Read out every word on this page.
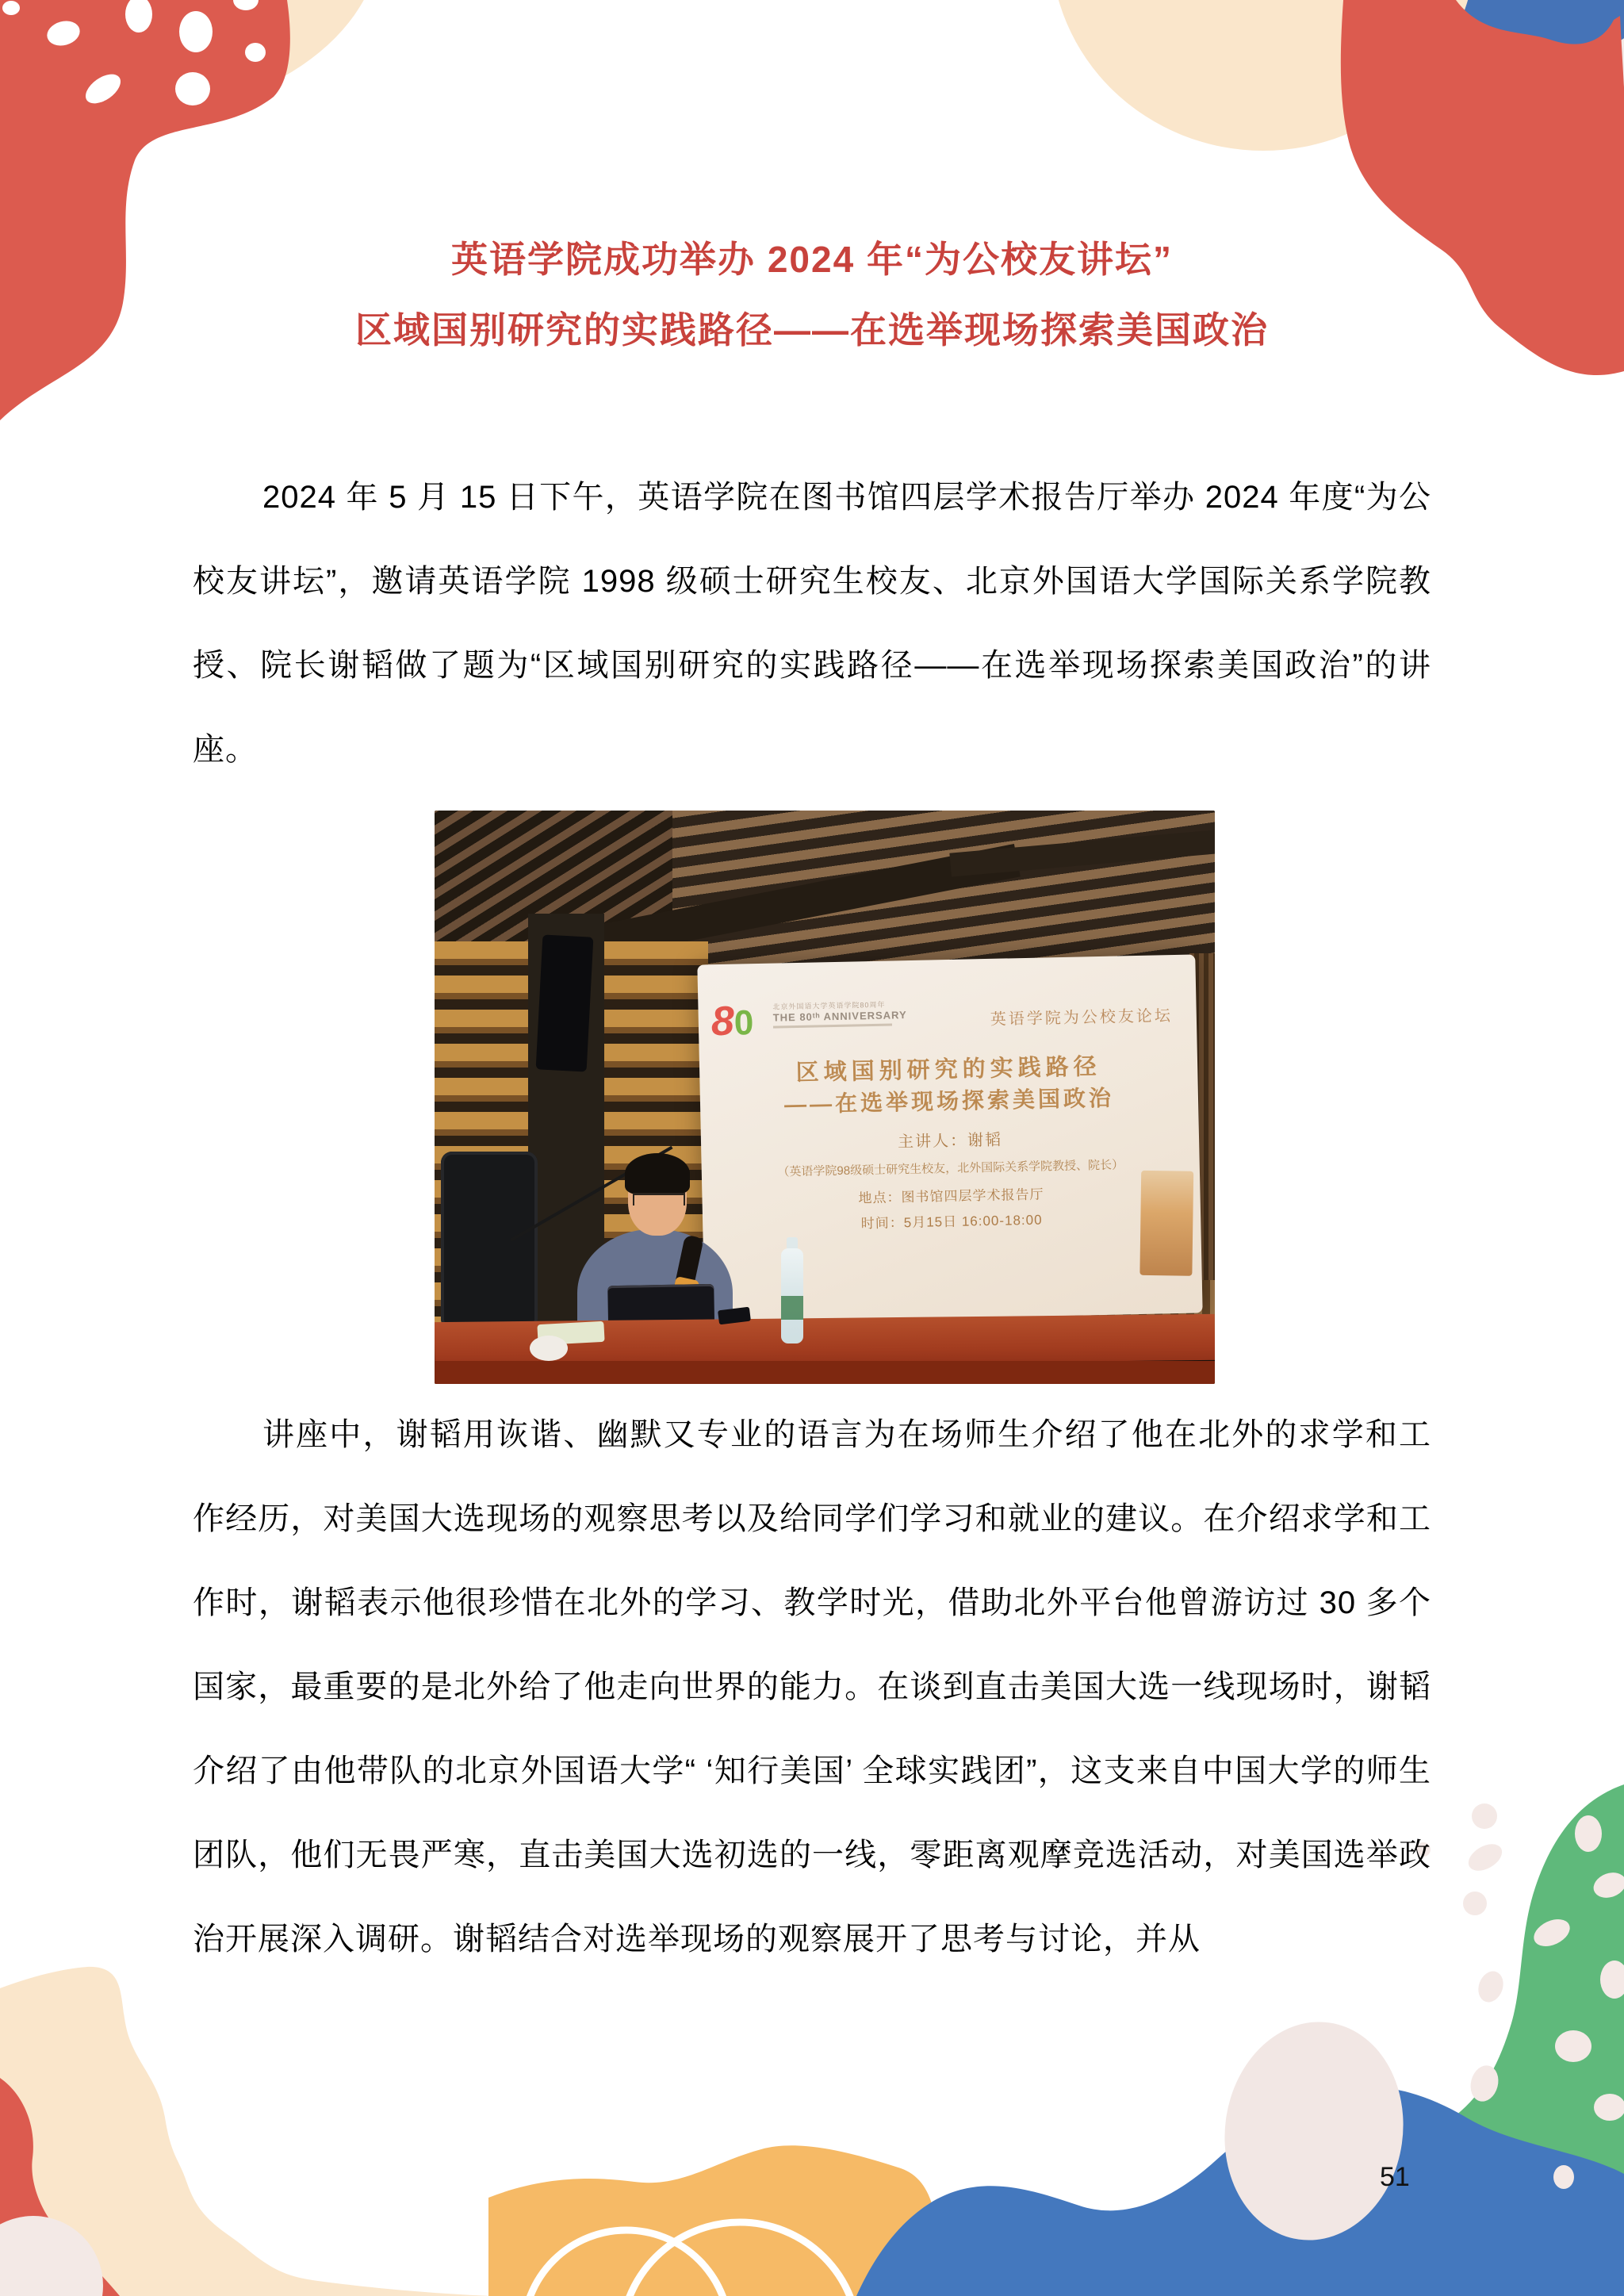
英语学院成功举办 2024 年“为公校友讲坛”
区域国别研究的实践路径——在选举现场探索美国政治
2024 年 5 月 15 日下午，英语学院在图书馆四层学术报告厅举办 2024 年度“为公校友讲坛”，邀请英语学院 1998 级硕士研究生校友、北京外国语大学国际关系学院教授、院长谢韬做了题为“区域国别研究的实践路径——在选举现场探索美国政治”的讲座。
80	北京外国语大学英语学院80周年
THE 80ᵗʰ ANNIVERSARY	英语学院为公校友论坛
区域国别研究的实践路径
——在选举现场探索美国政治
主讲人：谢韬
（英语学院98级硕士研究生校友，北外国际关系学院教授、院长）
地点：图书馆四层学术报告厅
时间：5月15日 16:00-18:00
讲座中，谢韬用诙谐、幽默又专业的语言为在场师生介绍了他在北外的求学和工作经历，对美国大选现场的观察思考以及给同学们学习和就业的建议。在介绍求学和工作时，谢韬表示他很珍惜在北外的学习、教学时光，借助北外平台他曾游访过 30 多个国家，最重要的是北外给了他走向世界的能力。在谈到直击美国大选一线现场时，谢韬介绍了由他带队的北京外国语大学“ ‘知行美国’ 全球实践团”，这支来自中国大学的师生团队，他们无畏严寒，直击美国大选初选的一线，零距离观摩竞选活动，对美国选举政治开展深入调研。谢韬结合对选举现场的观察展开了思考与讨论，并从
51
